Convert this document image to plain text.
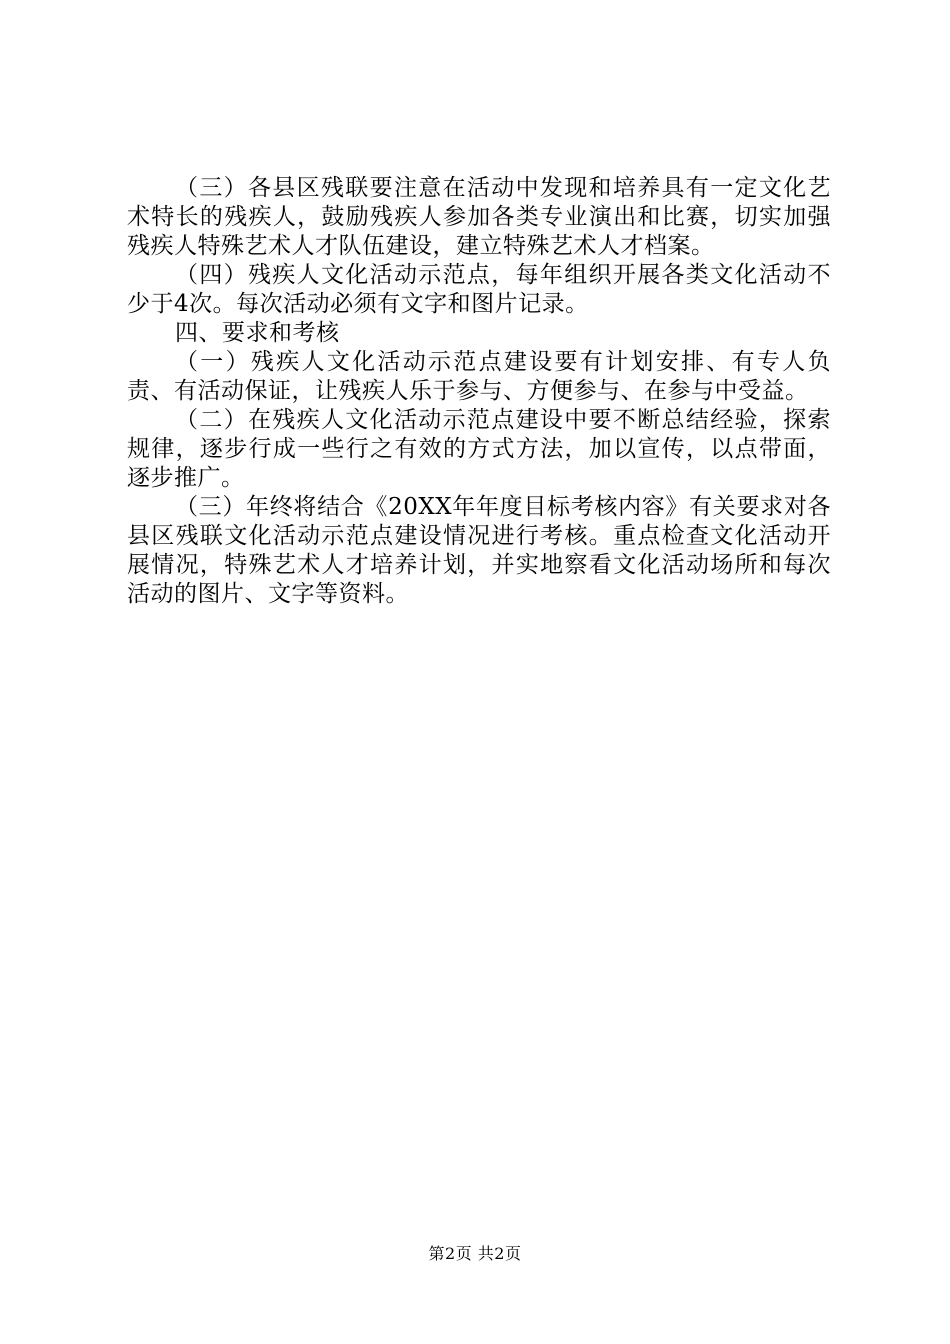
（三）各县区残联要注意在活动中发现和培养具有一定文化艺术特长的残疾人，鼓励残疾人参加各类专业演出和比赛，切实加强残疾人特殊艺术人才队伍建设，建立特殊艺术人才档案。

（四）残疾人文化活动示范点，每年组织开展各类文化活动不少于4次。每次活动必须有文字和图片记录。

四、要求和考核

（一）残疾人文化活动示范点建设要有计划安排、有专人负责、有活动保证，让残疾人乐于参与、方便参与、在参与中受益。

（二）在残疾人文化活动示范点建设中要不断总结经验，探索规律，逐步行成一些行之有效的方式方法，加以宣传，以点带面，逐步推广。

（三）年终将结合《20XX年年度目标考核内容》有关要求对各县区残联文化活动示范点建设情况进行考核。重点检查文化活动开展情况，特殊艺术人才培养计划，并实地察看文化活动场所和每次活动的图片、文字等资料。

第2页 共2页
